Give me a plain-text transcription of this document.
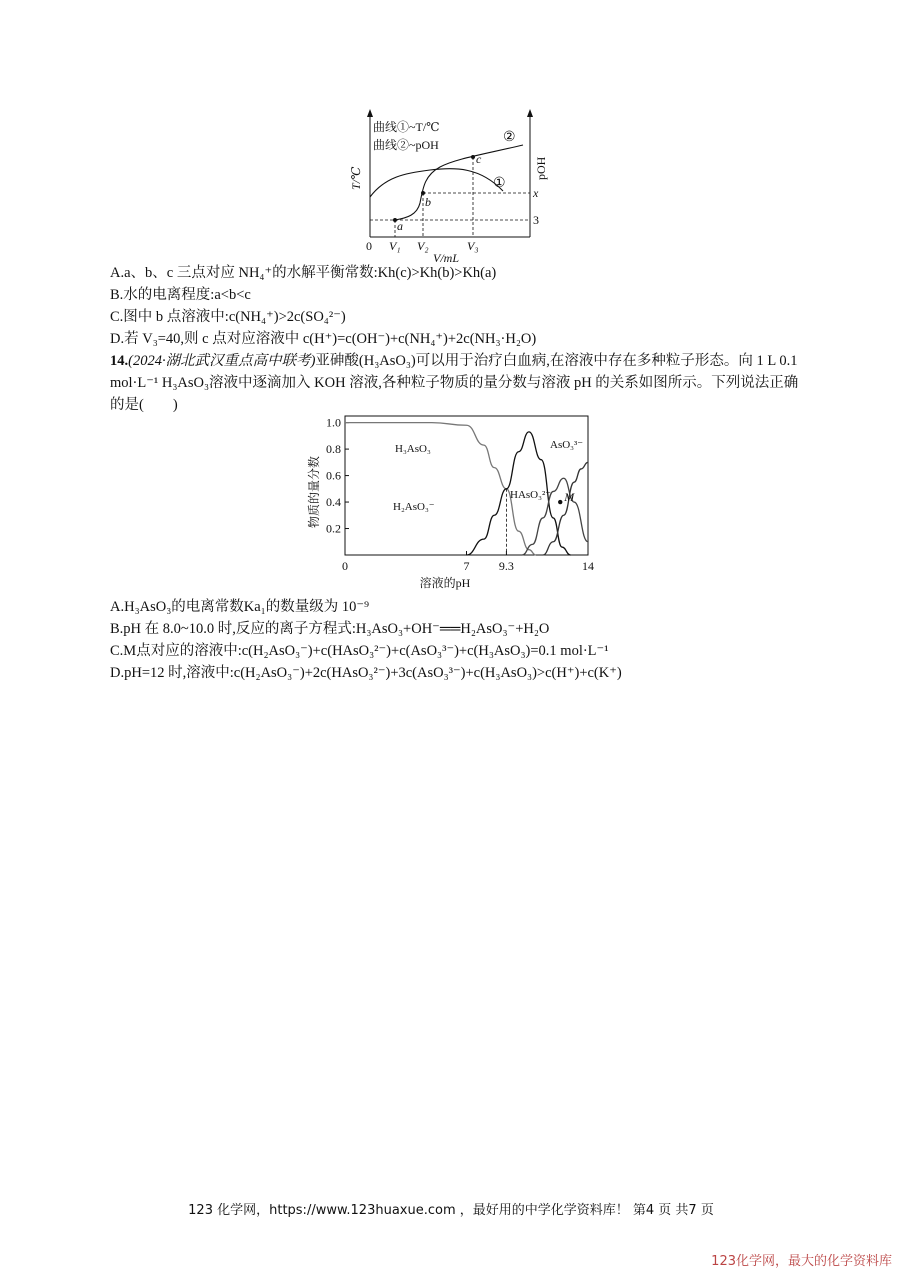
曲线①~T/℃
曲线②~pOH
T/℃	pOH
x
3
0 V₁ V₂	V₃
V/mL
a
b
c
①
②
A.a、b、c 三点对应 NH₄⁺的水解平衡常数:Kh(c)>Kh(b)>Kh(a)
B.水的电离程度:a<b<c
C.图中 b 点溶液中:c(NH₄⁺)>2c(SO₄²⁻)
D.若 V₃=40,则 c 点对应溶液中 c(H⁺)=c(OH⁻)+c(NH₄⁺)+2c(NH₃·H₂O)
14.(2024·湖北武汉重点高中联考)亚砷酸(H₃AsO₃)可以用于治疗白血病,在溶液中存在多种粒子形态。向 1 L 0.1 mol·L⁻¹ H₃AsO₃溶液中逐滴加入 KOH 溶液,各种粒子物质的量分数与溶液 pH 的关系如图所示。下列说法正确的是(　　)
物质的量分数
溶液的pH
0.2
0.4
0.6
0.8
1.0
0	7 9.3	14
H₃AsO₃
H₂AsO₃⁻
HAsO₃²⁻
AsO₃³⁻
M
A.H₃AsO₃的电离常数Ka₁的数量级为 10⁻⁹
B.pH 在 8.0~10.0 时,反应的离子方程式:H₃AsO₃+OH⁻══H₂AsO₃⁻+H₂O
C.M点对应的溶液中:c(H₂AsO₃⁻)+c(HAsO₃²⁻)+c(AsO₃³⁻)+c(H₃AsO₃)=0.1 mol·L⁻¹
D.pH=12 时,溶液中:c(H₂AsO₃⁻)+2c(HAsO₃²⁻)+3c(AsO₃³⁻)+c(H₃AsO₃)>c(H⁺)+c(K⁺)
123 化学网，https://www.123huaxue.com ，最好用的中学化学资料库！ 第4 页 共7 页
123化学网，最大的化学资料库
